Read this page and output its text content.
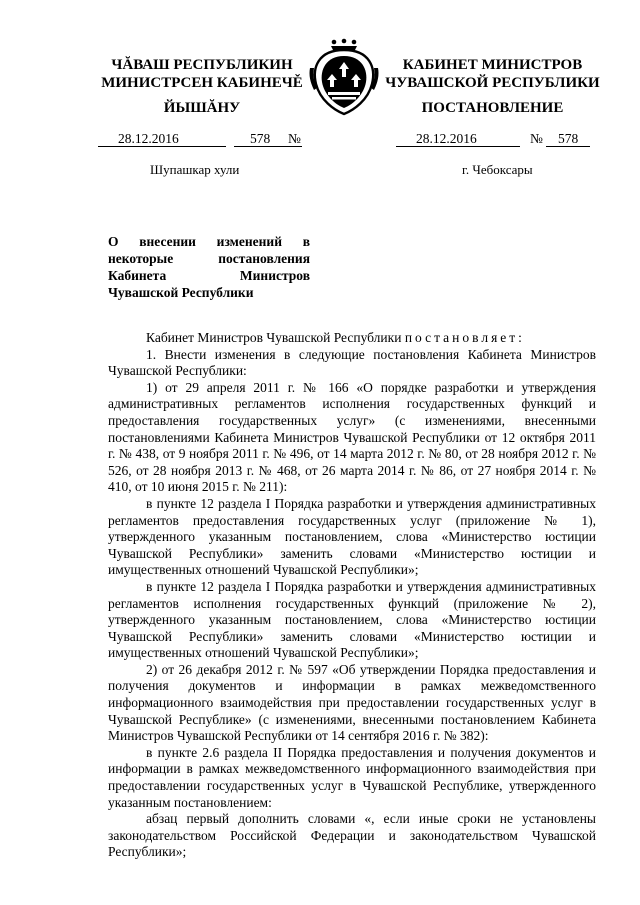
ЧĂВАШ РЕСПУБЛИКИН
МИНИСТРСЕН КАБИНЕЧĚ
ЙЫШĂНУ
КАБИНЕТ МИНИСТРОВ
ЧУВАШСКОЙ РЕСПУБЛИКИ
ПОСТАНОВЛЕНИЕ
28.12.2016	578 №	28.12.2016	№ 578
Шупашкар хули	г. Чебоксары
О внесении изменений в некоторые постановления Кабинета Министров Чувашской Республики

Кабинет Министров Чувашской Республики постановляет:

1. Внести изменения в следующие постановления Кабинета Министров Чувашской Республики:

1) от 29 апреля 2011 г. № 166 «О порядке разработки и утверждения административных регламентов исполнения государственных функций и предоставления государственных услуг» (с изменениями, внесенными постановлениями Кабинета Министров Чувашской Республики от 12 октября 2011 г. № 438, от 9 ноября 2011 г. № 496, от 14 марта 2012 г. № 80, от 28 ноября 2012 г. № 526, от 28 ноября 2013 г. № 468, от 26 марта 2014 г. № 86, от 27 ноября 2014 г. № 410, от 10 июня 2015 г. № 211):

в пункте 12 раздела I Порядка разработки и утверждения административных регламентов предоставления государственных услуг (приложение № 1), утвержденного указанным постановлением, слова «Министерство юстиции Чувашской Республики» заменить словами «Министерство юстиции и имущественных отношений Чувашской Республики»;

в пункте 12 раздела I Порядка разработки и утверждения административных регламентов исполнения государственных функций (приложение № 2), утвержденного указанным постановлением, слова «Министерство юстиции Чувашской Республики» заменить словами «Министерство юстиции и имущественных отношений Чувашской Республики»;

2) от 26 декабря 2012 г. № 597 «Об утверждении Порядка предоставления и получения документов и информации в рамках межведомственного информационного взаимодействия при предоставлении государственных услуг в Чувашской Республике» (с изменениями, внесенными постановлением Кабинета Министров Чувашской Республики от 14 сентября 2016 г. № 382):

в пункте 2.6 раздела II Порядка предоставления и получения документов и информации в рамках межведомственного информационного взаимодействия при предоставлении государственных услуг в Чувашской Республике, утвержденного указанным постановлением:

абзац первый дополнить словами «, если иные сроки не установлены законодательством Российской Федерации и законодательством Чувашской Республики»;
